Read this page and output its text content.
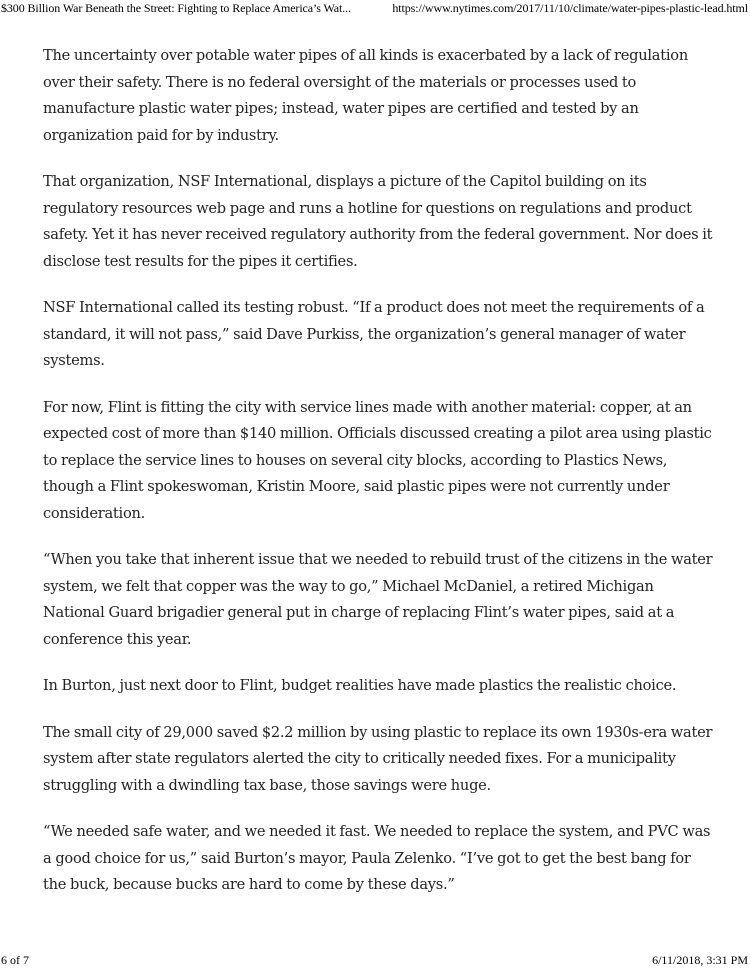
$300 Billion War Beneath the Street: Fighting to Replace America’s Wat...	https://www.nytimes.com/2017/11/10/climate/water-pipes-plastic-lead.html

The uncertainty over potable water pipes of all kinds is exacerbated by a lack of regulation over their safety. There is no federal oversight of the materials or processes used to manufacture plastic water pipes; instead, water pipes are certified and tested by an organization paid for by industry.

That organization, NSF International, displays a picture of the Capitol building on its regulatory resources web page and runs a hotline for questions on regulations and product safety. Yet it has never received regulatory authority from the federal government. Nor does it disclose test results for the pipes it certifies.

NSF International called its testing robust. “If a product does not meet the requirements of a standard, it will not pass,” said Dave Purkiss, the organization’s general manager of water systems.

For now, Flint is fitting the city with service lines made with another material: copper, at an expected cost of more than $140 million. Officials discussed creating a pilot area using plastic to replace the service lines to houses on several city blocks, according to Plastics News, though a Flint spokeswoman, Kristin Moore, said plastic pipes were not currently under consideration.

“When you take that inherent issue that we needed to rebuild trust of the citizens in the water system, we felt that copper was the way to go,” Michael McDaniel, a retired Michigan National Guard brigadier general put in charge of replacing Flint’s water pipes, said at a conference this year.

In Burton, just next door to Flint, budget realities have made plastics the realistic choice.

The small city of 29,000 saved $2.2 million by using plastic to replace its own 1930s-era water system after state regulators alerted the city to critically needed fixes. For a municipality struggling with a dwindling tax base, those savings were huge.

“We needed safe water, and we needed it fast. We needed to replace the system, and PVC was a good choice for us,” said Burton’s mayor, Paula Zelenko. “I’ve got to get the best bang for the buck, because bucks are hard to come by these days.”

6 of 7	6/11/2018, 3:31 PM
